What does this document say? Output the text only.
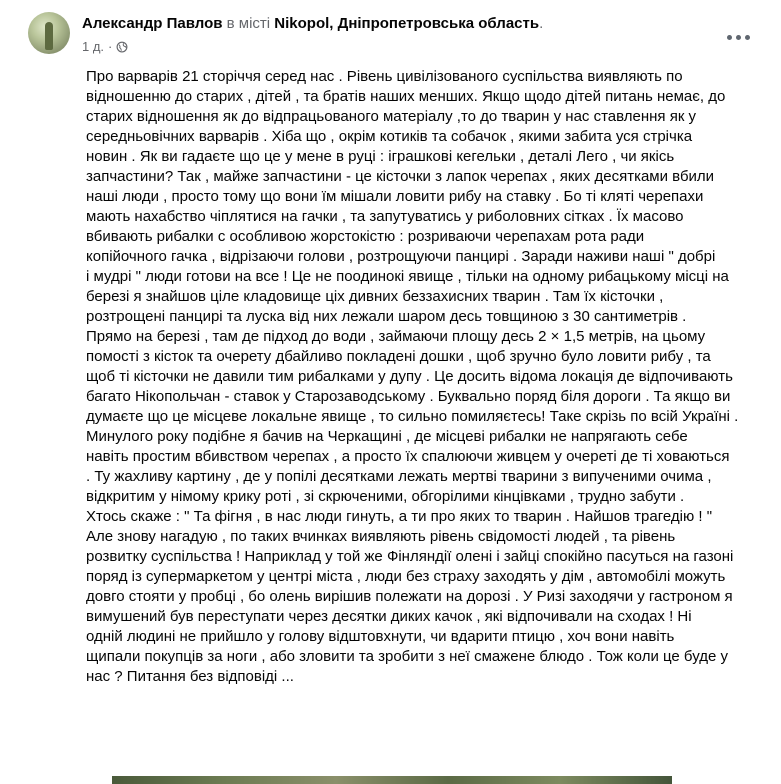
Александр Павлов в місті Nikopol, Дніпропетровська область.
1 д. ·
Про варварів 21 сторіччя серед нас . Рівень цивілізованого суспільства виявляють по
відношенню до старих , дітей , та братів наших менших. Якщо щодо дітей питань немає, до
старих відношення як до відпрацьованого матеріалу ,то до тварин у нас ставлення як у
середньовічних варварів . Хіба що , окрім котиків та собачок , якими забита уся стрічка
новин . Як ви гадаєте що це у мене в руці : іграшкові кегельки , деталі Лего , чи якісь
запчастини? Так , майже запчастини - це кісточки з лапок черепах , яких десятками вбили
наші люди , просто тому що вони їм мішали ловити рибу на ставку . Бо ті кляті черепахи
мають нахабство чіплятися на гачки , та запутуватись у риболовних сітках . Їх масово
вбивають рибалки с особливою жорстокістю : розриваючи черепахам рота ради
копійочного гачка , відрізаючи голови , розтрощуючи панцирі . Заради наживи наші " добрі
і мудрі " люди готови на все ! Це не поодинокі явище , тільки на одному рибацькому місці на
березі я знайшов ціле кладовище ціх дивних беззахисних тварин . Там їх кісточки ,
розтрощені панцирі та луска від них лежали шаром десь товщиною з 30 сантиметрів .
Прямо на березі , там де підход до води , займаючи площу десь 2 × 1,5 метрів, на цьому
помості з кісток та очерету дбайливо покладені дошки , щоб зручно було ловити рибу , та
щоб ті кісточки не давили тим рибалками у дупу . Це досить відома локація де відпочивають
багато Нікопольчан - ставок у Старозаводському . Буквально поряд біля дороги . Та якщо ви
думаєте що це місцеве локальне явище , то сильно помиляєтесь! Таке скрізь по всій Україні .
Минулого року подібне я бачив на Черкащині , де місцеві рибалки не напрягають себе
навіть простим вбивством черепах , а просто їх спалюючи живцем у очереті де ті ховаються
. Ту жахливу картину , де у попілі десятками лежать мертві тварини з випученими очима ,
відкритим у німому крику роті , зі скрюченими, обгорілими кінцівками , трудно забути .
Хтось скаже : " Та фігня , в нас люди гинуть, а ти про яких то тварин . Найшов трагедію ! "
Але знову нагадую , по таких вчинках виявляють рівень свідомості людей , та рівень
розвитку суспільства ! Наприклад у той же Фінляндії олені і зайці спокійно пасуться на газоні
поряд із супермаркетом у центрі міста , люди без страху заходять у дім , автомобілі можуть
довго стояти у пробці , бо олень вирішив полежати на дорозі . У Ризі заходячи у гастроном я
вимушений був переступати через десятки диких качок , які відпочивали на сходах ! Ні
одній людині не прийшло у голову відштовхнути, чи вдарити птицю , хоч вони навіть
щипали покупців за ноги , або зловити та зробити з неї смажене блюдо . Тож коли це буде у
нас ? Питання без відповіді ...
